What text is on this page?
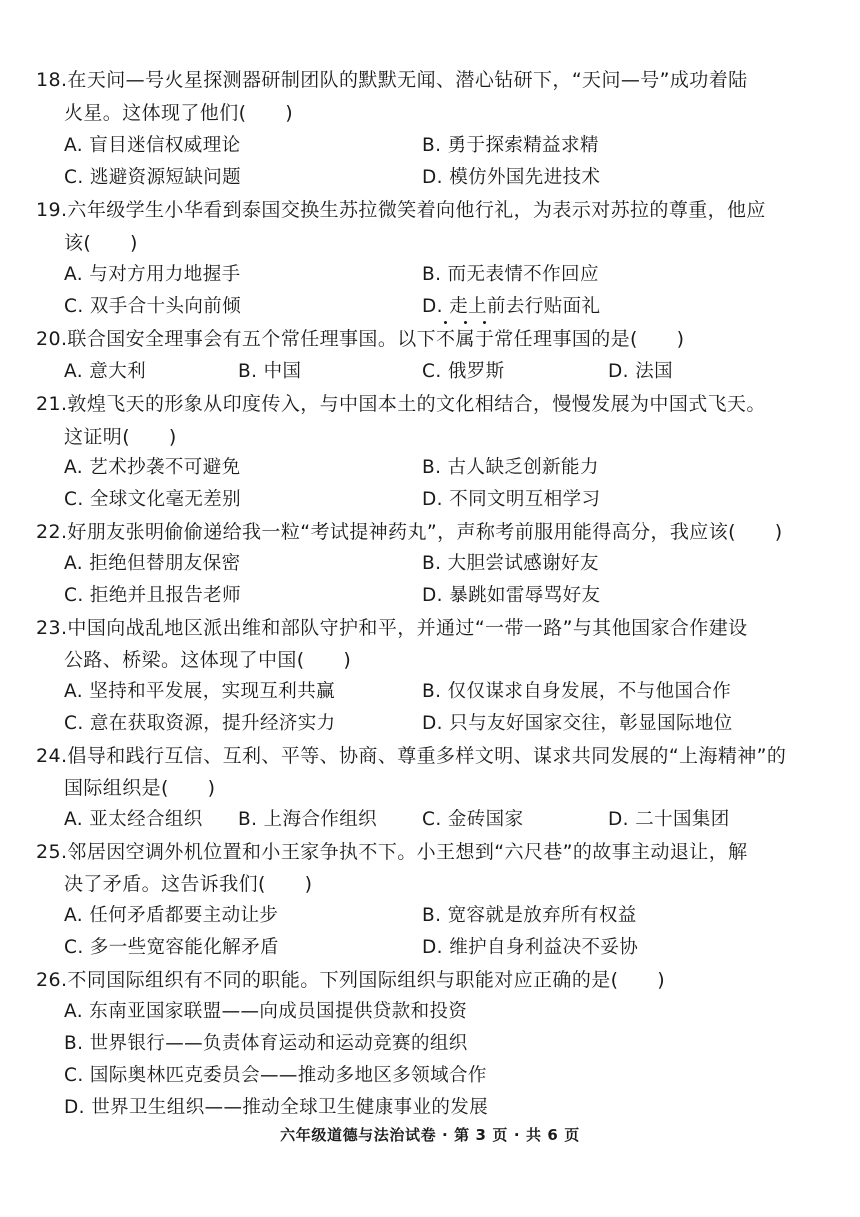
18.在天问—号火星探测器研制团队的默默无闻、潜心钻研下，“天问—号”成功着陆
火星。这体现了他们(　　)
A. 盲目迷信权威理论	B. 勇于探索精益求精
C. 逃避资源短缺问题	D. 模仿外国先进技术
19.六年级学生小华看到泰国交换生苏拉微笑着向他行礼，为表示对苏拉的尊重，他应
该(　　)
A. 与对方用力地握手	B. 而无表情不作回应
C. 双手合十头向前倾	D. 走上前去行贴面礼
20.联合国安全理事会有五个常任理事国。以下不属于常任理事国的是(　　)
A. 意大利	B. 中国	C. 俄罗斯	D. 法国
21.敦煌飞天的形象从印度传入，与中国本土的文化相结合，慢慢发展为中国式飞天。
这证明(　　)
A. 艺术抄袭不可避免	B. 古人缺乏创新能力
C. 全球文化毫无差别	D. 不同文明互相学习
22.好朋友张明偷偷递给我一粒“考试提神药丸”，声称考前服用能得高分，我应该(　　)
A. 拒绝但替朋友保密	B. 大胆尝试感谢好友
C. 拒绝并且报告老师	D. 暴跳如雷辱骂好友
23.中国向战乱地区派出维和部队守护和平，并通过“一带一路”与其他国家合作建设
公路、桥梁。这体现了中国(　　)
A. 坚持和平发展，实现互利共赢	B. 仅仅谋求自身发展，不与他国合作
C. 意在获取资源，提升经济实力	D. 只与友好国家交往，彰显国际地位
24.倡导和践行互信、互利、平等、协商、尊重多样文明、谋求共同发展的“上海精神”的
国际组织是(　　)
A. 亚太经合组织 B. 上海合作组织 C. 金砖国家	D. 二十国集团
25.邻居因空调外机位置和小王家争执不下。小王想到“六尺巷”的故事主动退让，解
决了矛盾。这告诉我们(　　)
A. 任何矛盾都要主动让步	B. 宽容就是放弃所有权益
C. 多一些宽容能化解矛盾	D. 维护自身利益决不妥协
26.不同国际组织有不同的职能。下列国际组织与职能对应正确的是(　　)
A. 东南亚国家联盟——向成员国提供贷款和投资
B. 世界银行——负责体育运动和运动竞赛的组织
C. 国际奥林匹克委员会——推动多地区多领域合作
D. 世界卫生组织——推动全球卫生健康事业的发展
六年级道德与法治试卷 · 第 3 页 · 共 6 页
